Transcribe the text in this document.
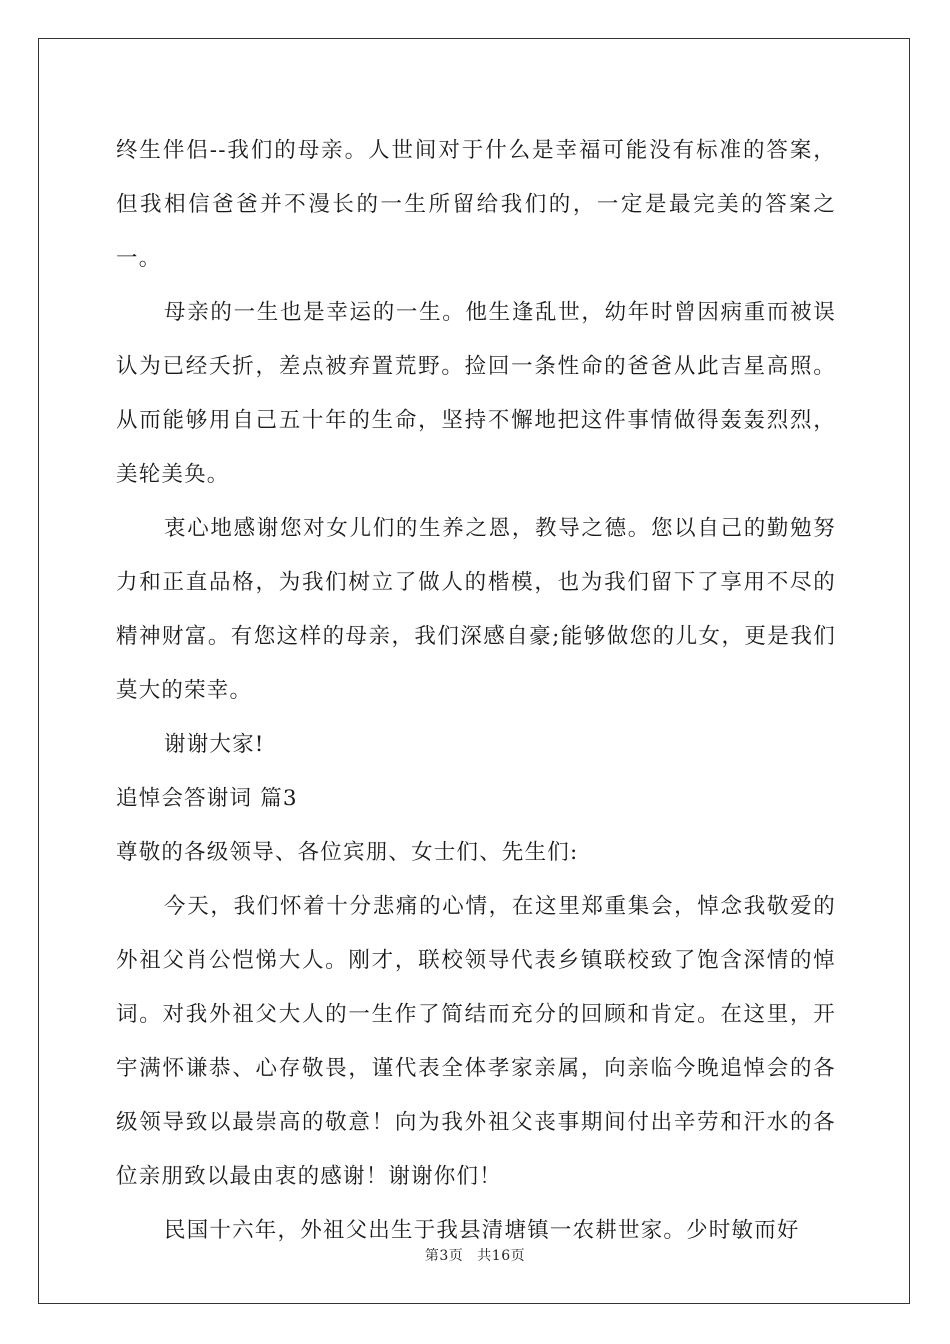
终生伴侣--我们的母亲。人世间对于什么是幸福可能没有标准的答案，但我相信爸爸并不漫长的一生所留给我们的，一定是最完美的答案之一。

母亲的一生也是幸运的一生。他生逢乱世，幼年时曾因病重而被误认为已经夭折，差点被弃置荒野。捡回一条性命的爸爸从此吉星高照。从而能够用自己五十年的生命，坚持不懈地把这件事情做得轰轰烈烈，美轮美奂。

衷心地感谢您对女儿们的生养之恩，教导之德。您以自己的勤勉努力和正直品格，为我们树立了做人的楷模，也为我们留下了享用不尽的精神财富。有您这样的母亲，我们深感自豪;能够做您的儿女，更是我们莫大的荣幸。

谢谢大家!

追悼会答谢词 篇3

尊敬的各级领导、各位宾朋、女士们、先生们:

今天，我们怀着十分悲痛的心情，在这里郑重集会，悼念我敬爱的外祖父肖公恺悌大人。刚才，联校领导代表乡镇联校致了饱含深情的悼词。对我外祖父大人的一生作了简结而充分的回顾和肯定。在这里，开宇满怀谦恭、心存敬畏，谨代表全体孝家亲属，向亲临今晚追悼会的各级领导致以最崇高的敬意！向为我外祖父丧事期间付出辛劳和汗水的各位亲朋致以最由衷的感谢！谢谢你们！

民国十六年，外祖父出生于我县清塘镇一农耕世家。少时敏而好

第3页 共16页
